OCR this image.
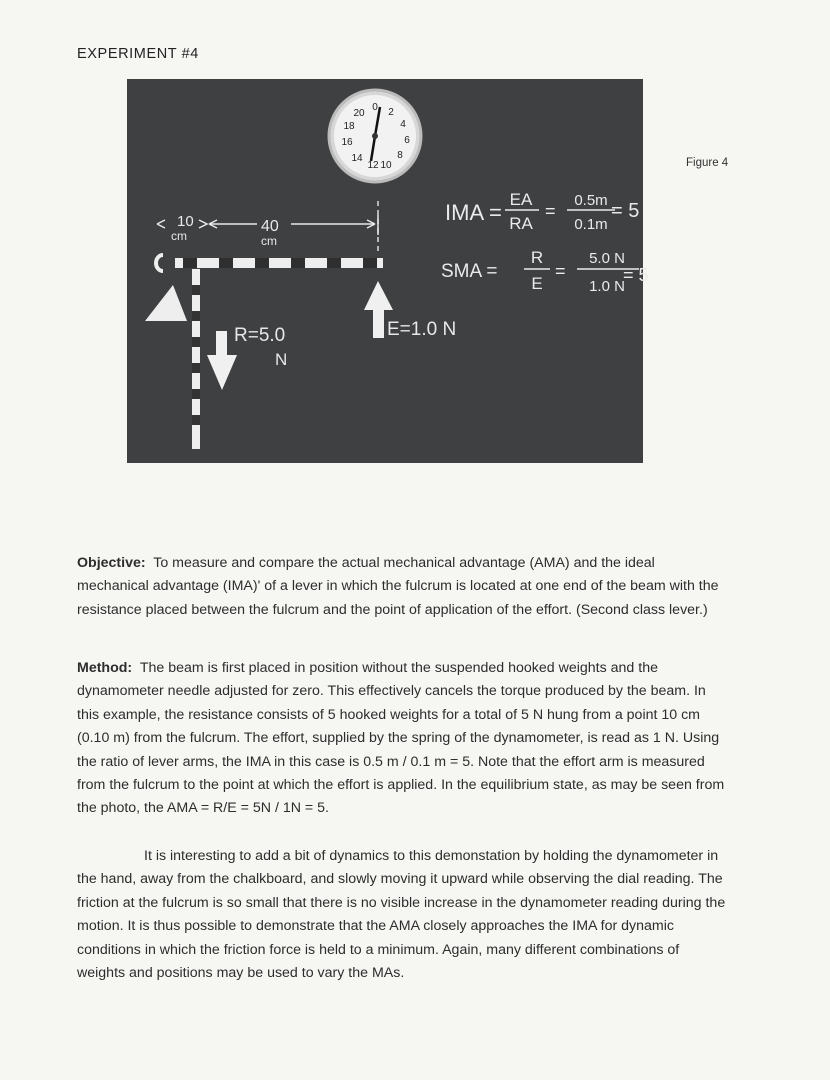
EXPERIMENT #4
0 2
4
6
8
10
12
14
16
18
20
10
cm
40
cm
R=5.0
N
E=1.0 N
IMA =
EA
RA
=
0.5m
0.1m
= 5
SMA =
R
E
=
5.0 N
1.0 N
= 5
Figure 4

Objective: To measure and compare the actual mechanical advantage (AMA) and the ideal mechanical advantage (IMA)' of a lever in which the fulcrum is located at one end of the beam with the resistance placed between the fulcrum and the point of application of the effort. (Second class lever.)

Method: The beam is first placed in position without the suspended hooked weights and the dynamometer needle adjusted for zero. This effectively cancels the torque produced by the beam. In this example, the resistance consists of 5 hooked weights for a total of 5 N hung from a point 10 cm (0.10 m) from the fulcrum. The effort, supplied by the spring of the dynamometer, is read as 1 N. Using the ratio of lever arms, the IMA in this case is 0.5 m / 0.1 m = 5. Note that the effort arm is measured from the fulcrum to the point at which the effort is applied. In the equilibrium state, as may be seen from the photo, the AMA = R/E = 5N / 1N = 5.

It is interesting to add a bit of dynamics to this demonstation by holding the dynamometer in the hand, away from the chalkboard, and slowly moving it upward while observing the dial reading. The friction at the fulcrum is so small that there is no visible increase in the dynamometer reading during the motion. It is thus possible to demonstrate that the AMA closely approaches the IMA for dynamic conditions in which the friction force is held to a minimum. Again, many different combinations of weights and positions may be used to vary the MAs.
